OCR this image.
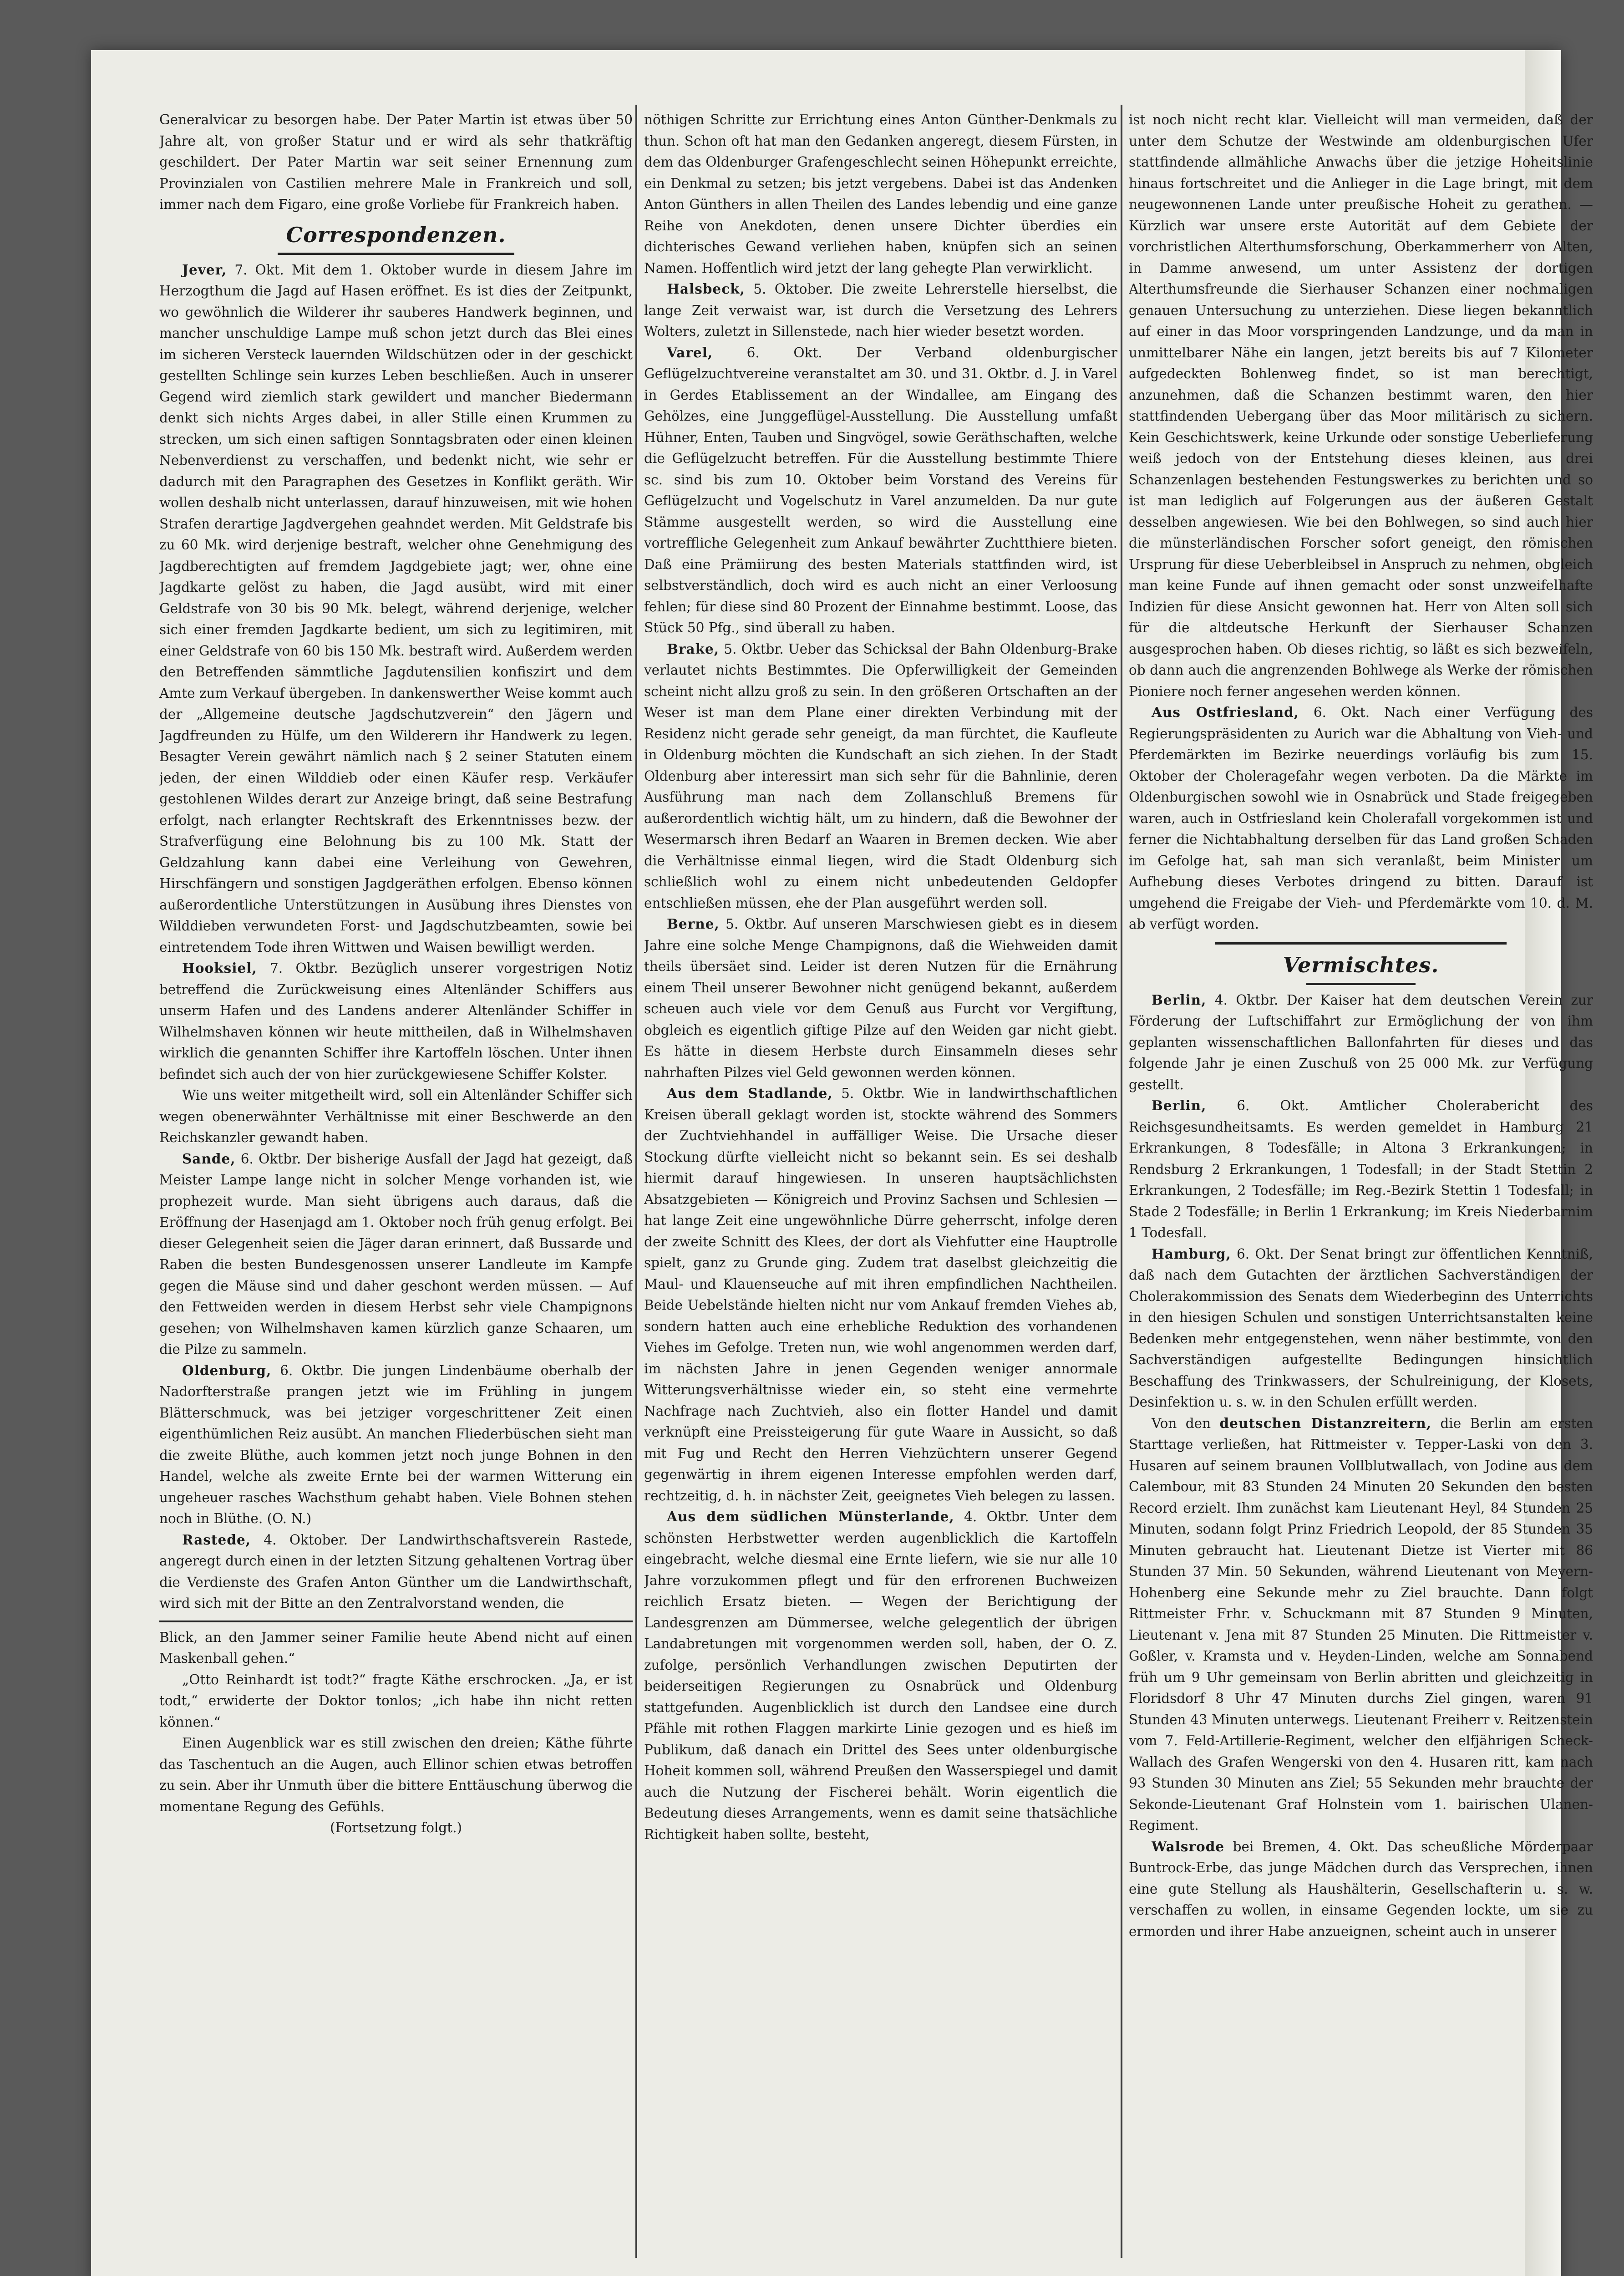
Generalvicar zu besorgen habe. Der Pater Martin ist etwas über 50 Jahre alt, von großer Statur und er wird als sehr thatkräftig geschildert. Der Pater Martin war seit seiner Ernennung zum Provinzialen von Castilien mehrere Male in Frankreich und soll, immer nach dem Figaro, eine große Vorliebe für Frankreich haben.

Correspondenzen.

Jever, 7. Okt. Mit dem 1. Oktober wurde in diesem Jahre im Herzogthum die Jagd auf Hasen eröffnet. Es ist dies der Zeitpunkt, wo gewöhnlich die Wilderer ihr sauberes Handwerk beginnen, und mancher unschuldige Lampe muß schon jetzt durch das Blei eines im sicheren Versteck lauernden Wildschützen oder in der geschickt gestellten Schlinge sein kurzes Leben beschließen. Auch in unserer Gegend wird ziemlich stark gewildert und mancher Biedermann denkt sich nichts Arges dabei, in aller Stille einen Krummen zu strecken, um sich einen saftigen Sonntagsbraten oder einen kleinen Nebenverdienst zu verschaffen, und bedenkt nicht, wie sehr er dadurch mit den Paragraphen des Gesetzes in Konflikt geräth. Wir wollen deshalb nicht unterlassen, darauf hinzuweisen, mit wie hohen Strafen derartige Jagdvergehen geahndet werden. Mit Geldstrafe bis zu 60 Mk. wird derjenige bestraft, welcher ohne Genehmigung des Jagdberechtigten auf fremdem Jagdgebiete jagt; wer, ohne eine Jagdkarte gelöst zu haben, die Jagd ausübt, wird mit einer Geldstrafe von 30 bis 90 Mk. belegt, während derjenige, welcher sich einer fremden Jagdkarte bedient, um sich zu legitimiren, mit einer Geldstrafe von 60 bis 150 Mk. bestraft wird. Außerdem werden den Betreffenden sämmtliche Jagdutensilien konfiszirt und dem Amte zum Verkauf übergeben. In dankenswerther Weise kommt auch der „Allgemeine deutsche Jagdschutzverein“ den Jägern und Jagdfreunden zu Hülfe, um den Wilderern ihr Handwerk zu legen. Besagter Verein gewährt nämlich nach § 2 seiner Statuten einem jeden, der einen Wilddieb oder einen Käufer resp. Verkäufer gestohlenen Wildes derart zur Anzeige bringt, daß seine Bestrafung erfolgt, nach erlangter Rechtskraft des Erkenntnisses bezw. der Strafverfügung eine Belohnung bis zu 100 Mk. Statt der Geldzahlung kann dabei eine Verleihung von Gewehren, Hirschfängern und sonstigen Jagdgeräthen erfolgen. Ebenso können außerordentliche Unterstützungen in Ausübung ihres Dienstes von Wilddieben verwundeten Forst- und Jagdschutzbeamten, sowie bei eintretendem Tode ihren Wittwen und Waisen bewilligt werden.

Hooksiel, 7. Oktbr. Bezüglich unserer vorgestrigen Notiz betreffend die Zurückweisung eines Altenländer Schiffers aus unserm Hafen und des Landens anderer Altenländer Schiffer in Wilhelmshaven können wir heute mittheilen, daß in Wilhelmshaven wirklich die genannten Schiffer ihre Kartoffeln löschen. Unter ihnen befindet sich auch der von hier zurückgewiesene Schiffer Kolster.

Wie uns weiter mitgetheilt wird, soll ein Altenländer Schiffer sich wegen obenerwähnter Verhältnisse mit einer Beschwerde an den Reichskanzler gewandt haben.

Sande, 6. Oktbr. Der bisherige Ausfall der Jagd hat gezeigt, daß Meister Lampe lange nicht in solcher Menge vorhanden ist, wie prophezeit wurde. Man sieht übrigens auch daraus, daß die Eröffnung der Hasenjagd am 1. Oktober noch früh genug erfolgt. Bei dieser Gelegenheit seien die Jäger daran erinnert, daß Bussarde und Raben die besten Bundesgenossen unserer Landleute im Kampfe gegen die Mäuse sind und daher geschont werden müssen. — Auf den Fettweiden werden in diesem Herbst sehr viele Champignons gesehen; von Wilhelmshaven kamen kürzlich ganze Schaaren, um die Pilze zu sammeln.

Oldenburg, 6. Oktbr. Die jungen Lindenbäume oberhalb der Nadorfterstraße prangen jetzt wie im Frühling in jungem Blätterschmuck, was bei jetziger vorgeschrittener Zeit einen eigenthümlichen Reiz ausübt. An manchen Fliederbüschen sieht man die zweite Blüthe, auch kommen jetzt noch junge Bohnen in den Handel, welche als zweite Ernte bei der warmen Witterung ein ungeheuer rasches Wachsthum gehabt haben. Viele Bohnen stehen noch in Blüthe. (O. N.)

Rastede, 4. Oktober. Der Landwirthschaftsverein Rastede, angeregt durch einen in der letzten Sitzung gehaltenen Vortrag über die Verdienste des Grafen Anton Günther um die Landwirthschaft, wird sich mit der Bitte an den Zentralvorstand wenden, die

Blick, an den Jammer seiner Familie heute Abend nicht auf einen Maskenball gehen.“

„Otto Reinhardt ist todt?“ fragte Käthe erschrocken. „Ja, er ist todt,“ erwiderte der Doktor tonlos; „ich habe ihn nicht retten können.“

Einen Augenblick war es still zwischen den dreien; Käthe führte das Taschentuch an die Augen, auch Ellinor schien etwas betroffen zu sein. Aber ihr Unmuth über die bittere Enttäuschung überwog die momentane Regung des Gefühls.

(Fortsetzung folgt.)

nöthigen Schritte zur Errichtung eines Anton Günther-Denkmals zu thun. Schon oft hat man den Gedanken angeregt, diesem Fürsten, in dem das Oldenburger Grafengeschlecht seinen Höhepunkt erreichte, ein Denkmal zu setzen; bis jetzt vergebens. Dabei ist das Andenken Anton Günthers in allen Theilen des Landes lebendig und eine ganze Reihe von Anekdoten, denen unsere Dichter überdies ein dichterisches Gewand verliehen haben, knüpfen sich an seinen Namen. Hoffentlich wird jetzt der lang gehegte Plan verwirklicht.

Halsbeck, 5. Oktober. Die zweite Lehrerstelle hierselbst, die lange Zeit verwaist war, ist durch die Versetzung des Lehrers Wolters, zuletzt in Sillenstede, nach hier wieder besetzt worden.

Varel,	6. Okt. Der Verband oldenburgischer Geflügelzuchtvereine veranstaltet am 30. und 31. Oktbr. d. J. in Varel in Gerdes Etablissement an der Windallee, am Eingang des Gehölzes, eine Junggeflügel-Ausstellung. Die Ausstellung umfaßt Hühner, Enten, Tauben und Singvögel, sowie Geräthschaften, welche die Geflügelzucht betreffen. Für die Ausstellung bestimmte Thiere sc. sind bis zum 10. Oktober beim Vorstand des Vereins für Geflügelzucht und Vogelschutz in Varel anzumelden. Da nur gute Stämme ausgestellt werden, so wird die Ausstellung eine vortreffliche Gelegenheit zum Ankauf bewährter Zuchtthiere bieten. Daß eine Prämiirung des besten Materials stattfinden wird, ist selbstverständlich, doch wird es auch nicht an einer Verloosung fehlen; für diese sind 80 Prozent der Einnahme bestimmt. Loose, das Stück 50 Pfg., sind überall zu haben.

Brake, 5. Oktbr. Ueber das Schicksal der Bahn Oldenburg-Brake verlautet nichts Bestimmtes. Die Opferwilligkeit der Gemeinden scheint nicht allzu groß zu sein. In den größeren Ortschaften an der Weser ist man dem Plane einer direkten Verbindung mit der Residenz nicht gerade sehr geneigt, da man fürchtet, die Kaufleute in Oldenburg möchten die Kundschaft an sich ziehen. In der Stadt Oldenburg aber interessirt man sich sehr für die Bahnlinie, deren Ausführung man nach dem Zollanschluß Bremens für außerordentlich wichtig hält, um zu hindern, daß die Bewohner der Wesermarsch ihren Bedarf an Waaren in Bremen decken. Wie aber die Verhältnisse einmal liegen, wird die Stadt Oldenburg sich schließlich wohl zu einem nicht unbedeutenden Geldopfer entschließen müssen, ehe der Plan ausgeführt werden soll.

Berne, 5. Oktbr. Auf unseren Marschwiesen giebt es in diesem Jahre eine solche Menge Champignons, daß die Wiehweiden damit theils übersäet sind. Leider ist deren Nutzen für die Ernährung einem Theil unserer Bewohner nicht genügend bekannt, außerdem scheuen auch viele vor dem Genuß aus Furcht vor Vergiftung, obgleich es eigentlich giftige Pilze auf den Weiden gar nicht giebt. Es hätte in diesem Herbste durch Einsammeln dieses sehr nahrhaften Pilzes viel Geld gewonnen werden können.

Aus dem Stadlande, 5. Oktbr. Wie in landwirthschaftlichen Kreisen überall geklagt worden ist, stockte während des Sommers der Zuchtviehhandel in auffälliger Weise. Die Ursache dieser Stockung dürfte vielleicht nicht so bekannt sein. Es sei deshalb hiermit darauf hingewiesen. In unseren hauptsächlichsten Absatzgebieten — Königreich und Provinz Sachsen und Schlesien — hat lange Zeit eine ungewöhnliche Dürre geherrscht, infolge deren der zweite Schnitt des Klees, der dort als Viehfutter eine Hauptrolle spielt, ganz zu Grunde ging. Zudem trat daselbst gleichzeitig die Maul- und Klauenseuche auf mit ihren empfindlichen Nachtheilen. Beide Uebelstände hielten nicht nur vom Ankauf fremden Viehes ab, sondern hatten auch eine erhebliche Reduktion des vorhandenen Viehes im Gefolge. Treten nun, wie wohl angenommen werden darf, im nächsten Jahre in jenen Gegenden weniger annormale Witterungsverhältnisse wieder ein, so steht eine vermehrte Nachfrage nach Zuchtvieh, also ein flotter Handel und damit verknüpft eine Preissteigerung für gute Waare in Aussicht, so daß mit Fug und Recht den Herren Viehzüchtern unserer Gegend gegenwärtig in ihrem eigenen Interesse empfohlen werden darf, rechtzeitig, d. h. in nächster Zeit, geeignetes Vieh belegen zu lassen.

Aus dem südlichen Münsterlande, 4. Oktbr. Unter dem schönsten Herbstwetter werden augenblicklich die Kartoffeln eingebracht, welche diesmal eine Ernte liefern, wie sie nur alle 10 Jahre vorzukommen pflegt und für den erfrorenen Buchweizen reichlich Ersatz bieten. — Wegen der Berichtigung der Landesgrenzen am Dümmersee, welche gelegentlich der übrigen Landabretungen mit vorgenommen werden soll, haben, der O. Z. zufolge, persönlich Verhandlungen zwischen Deputirten der beiderseitigen Regierungen zu Osnabrück und Oldenburg stattgefunden. Augenblicklich ist durch den Landsee eine durch Pfähle mit rothen Flaggen markirte Linie gezogen und es hieß im Publikum, daß danach ein Drittel des Sees unter oldenburgische Hoheit kommen soll, während Preußen den Wasserspiegel und damit auch die Nutzung der Fischerei behält. Worin eigentlich die Bedeutung dieses Arrangements, wenn es damit seine thatsächliche Richtigkeit haben sollte, besteht,

ist noch nicht recht klar. Vielleicht will man vermeiden, daß der unter dem Schutze der Westwinde am oldenburgischen Ufer stattfindende allmähliche Anwachs über die jetzige Hoheitslinie hinaus fortschreitet und die Anlieger in die Lage bringt, mit dem neugewonnenen Lande unter preußische Hoheit zu gerathen. — Kürzlich war unsere erste Autorität auf dem Gebiete der vorchristlichen Alterthumsforschung, Oberkammerherr von Alten, in Damme anwesend, um unter Assistenz der dortigen Alterthumsfreunde die Sierhauser Schanzen einer nochmaligen genauen Untersuchung zu unterziehen. Diese liegen bekanntlich auf einer in das Moor vorspringenden Landzunge, und da man in unmittelbarer Nähe ein langen, jetzt bereits bis auf 7 Kilometer aufgedeckten Bohlenweg findet, so ist man berechtigt, anzunehmen, daß die Schanzen bestimmt waren, den hier stattfindenden Uebergang über das Moor militärisch zu sichern. Kein Geschichtswerk, keine Urkunde oder sonstige Ueberlieferung weiß jedoch von der Entstehung dieses kleinen, aus drei Schanzenlagen bestehenden Festungswerkes zu berichten und so ist man lediglich auf Folgerungen aus der äußeren Gestalt desselben angewiesen. Wie bei den Bohlwegen, so sind auch hier die münsterländischen Forscher sofort geneigt, den römischen Ursprung für diese Ueberbleibsel in Anspruch zu nehmen, obgleich man keine Funde auf ihnen gemacht oder sonst unzweifelhafte Indizien für diese Ansicht gewonnen hat. Herr von Alten soll sich für die altdeutsche Herkunft der Sierhauser Schanzen ausgesprochen haben. Ob dieses richtig, so läßt es sich bezweifeln, ob dann auch die angrenzenden Bohlwege als Werke der römischen Pioniere noch ferner angesehen werden können.

Aus Ostfriesland, 6. Okt. Nach einer Verfügung des Regierungspräsidenten zu Aurich war die Abhaltung von Vieh- und Pferdemärkten im Bezirke neuerdings vorläufig bis zum 15. Oktober der Choleragefahr wegen verboten. Da die Märkte im Oldenburgischen sowohl wie in Osnabrück und Stade freigegeben waren, auch in Ostfriesland kein Cholerafall vorgekommen ist und ferner die Nichtabhaltung derselben für das Land großen Schaden im Gefolge hat, sah man sich veranlaßt, beim Minister um Aufhebung dieses Verbotes dringend zu bitten. Darauf ist umgehend die Freigabe der Vieh- und Pferdemärkte vom 10. d. M. ab verfügt worden.

Vermischtes.

Berlin, 4. Oktbr. Der Kaiser hat dem deutschen Verein zur Förderung der Luftschiffahrt zur Ermöglichung der von ihm geplanten wissenschaftlichen Ballonfahrten für dieses und das folgende Jahr je einen Zuschuß von 25 000 Mk. zur Verfügung gestellt.

Berlin, 6. Okt. Amtlicher Cholerabericht des Reichsgesundheitsamts. Es werden gemeldet in Hamburg 21 Erkrankungen, 8 Todesfälle; in Altona 3 Erkrankungen; in Rendsburg 2 Erkrankungen, 1 Todesfall; in der Stadt Stettin 2 Erkrankungen, 2 Todesfälle; im Reg.-Bezirk Stettin 1 Todesfall; in Stade 2 Todesfälle; in Berlin 1 Erkrankung; im Kreis Niederbarnim 1 Todesfall.

Hamburg, 6. Okt. Der Senat bringt zur öffentlichen Kenntniß, daß nach dem Gutachten der ärztlichen Sachverständigen der Cholerakommission des Senats dem Wiederbeginn des Unterrichts in den hiesigen Schulen und sonstigen Unterrichtsanstalten keine Bedenken mehr entgegenstehen, wenn näher bestimmte, von den Sachverständigen aufgestellte Bedingungen hinsichtlich Beschaffung des Trinkwassers, der Schulreinigung, der Klosets, Desinfektion u. s. w. in den Schulen erfüllt werden.

Von den deutschen Distanzreitern, die Berlin am ersten Starttage verließen, hat Rittmeister v. Tepper-Laski von den 3. Husaren auf seinem braunen Vollblutwallach, von Jodine aus dem Calembour, mit 83 Stunden 24 Minuten 20 Sekunden den besten Record erzielt. Ihm zunächst kam Lieutenant Heyl, 84 Stunden 25 Minuten, sodann folgt Prinz Friedrich Leopold, der 85 Stunden 35 Minuten gebraucht hat. Lieutenant Dietze ist Vierter mit 86 Stunden 37 Min. 50 Sekunden, während Lieutenant von Meyern-Hohenberg eine Sekunde mehr zu Ziel brauchte. Dann folgt Rittmeister Frhr. v. Schuckmann mit 87 Stunden 9 Minuten, Lieutenant v. Jena mit 87 Stunden 25 Minuten. Die Rittmeister v. Goßler, v. Kramsta und v. Heyden-Linden, welche am Sonnabend früh um 9 Uhr gemeinsam von Berlin abritten und gleichzeitig in Floridsdorf 8 Uhr 47 Minuten durchs Ziel gingen, waren 91 Stunden 43 Minuten unterwegs. Lieutenant Freiherr v. Reitzenstein vom 7. Feld-Artillerie-Regiment, welcher den elfjährigen Scheck-Wallach des Grafen Wengerski von den 4. Husaren ritt, kam nach 93 Stunden 30 Minuten ans Ziel; 55 Sekunden mehr brauchte der Sekonde-Lieutenant Graf Holnstein vom 1. bairischen Ulanen-Regiment.

Walsrode bei Bremen, 4. Okt. Das scheußliche Mörderpaar Buntrock-Erbe, das junge Mädchen durch das Versprechen, ihnen eine gute Stellung als Haushälterin, Gesellschafterin u. s. w. verschaffen zu wollen, in einsame Gegenden lockte, um sie zu ermorden und ihrer Habe anzueignen, scheint auch in unserer
